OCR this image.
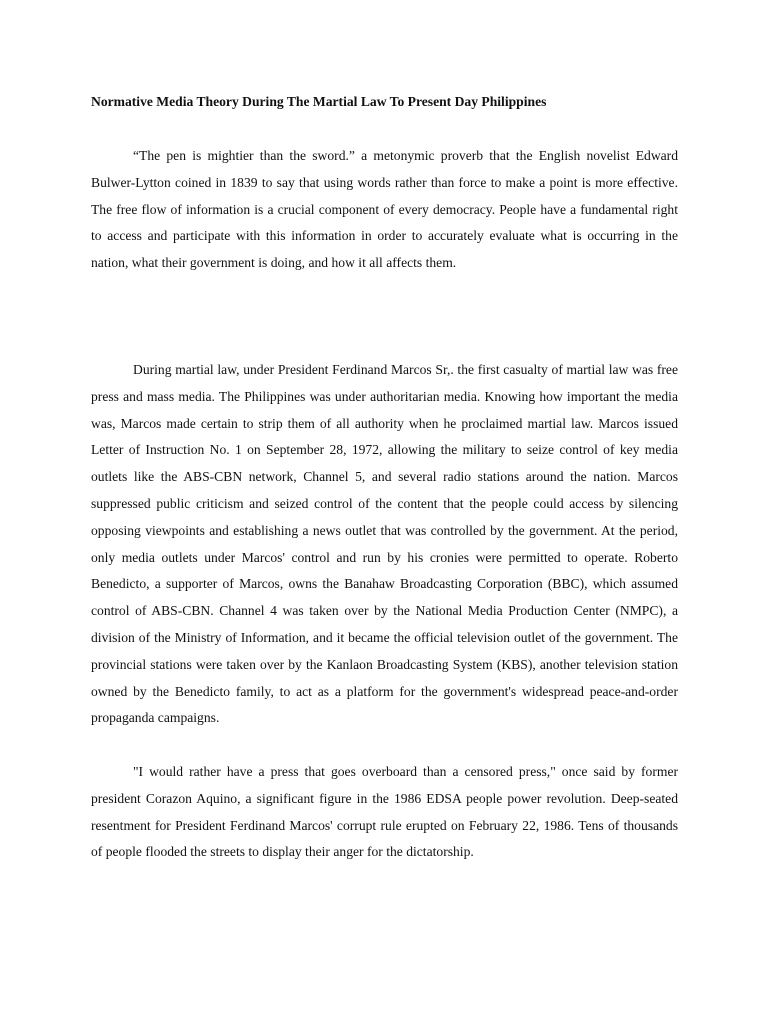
Normative Media Theory During The Martial Law To Present Day Philippines

“The pen is mightier than the sword.” a metonymic proverb that the English novelist Edward Bulwer-Lytton coined in 1839 to say that using words rather than force to make a point is more effective. The free flow of information is a crucial component of every democracy. People have a fundamental right to access and participate with this information in order to accurately evaluate what is occurring in the nation, what their government is doing, and how it all affects them.

During martial law, under President Ferdinand Marcos Sr,. the first casualty of martial law was free press and mass media. The Philippines was under authoritarian media. Knowing how important the media was, Marcos made certain to strip them of all authority when he proclaimed martial law. Marcos issued Letter of Instruction No. 1 on September 28, 1972, allowing the military to seize control of key media outlets like the ABS-CBN network, Channel 5, and several radio stations around the nation. Marcos suppressed public criticism and seized control of the content that the people could access by silencing opposing viewpoints and establishing a news outlet that was controlled by the government. At the period, only media outlets under Marcos' control and run by his cronies were permitted to operate. Roberto Benedicto, a supporter of Marcos, owns the Banahaw Broadcasting Corporation (BBC), which assumed control of ABS-CBN. Channel 4 was taken over by the National Media Production Center (NMPC), a division of the Ministry of Information, and it became the official television outlet of the government. The provincial stations were taken over by the Kanlaon Broadcasting System (KBS), another television station owned by the Benedicto family, to act as a platform for the government's widespread peace-and-order propaganda campaigns.

"I would rather have a press that goes overboard than a censored press," once said by former president Corazon Aquino, a significant figure in the 1986 EDSA people power revolution. Deep-seated resentment for President Ferdinand Marcos' corrupt rule erupted on February 22, 1986. Tens of thousands of people flooded the streets to display their anger for the dictatorship.
